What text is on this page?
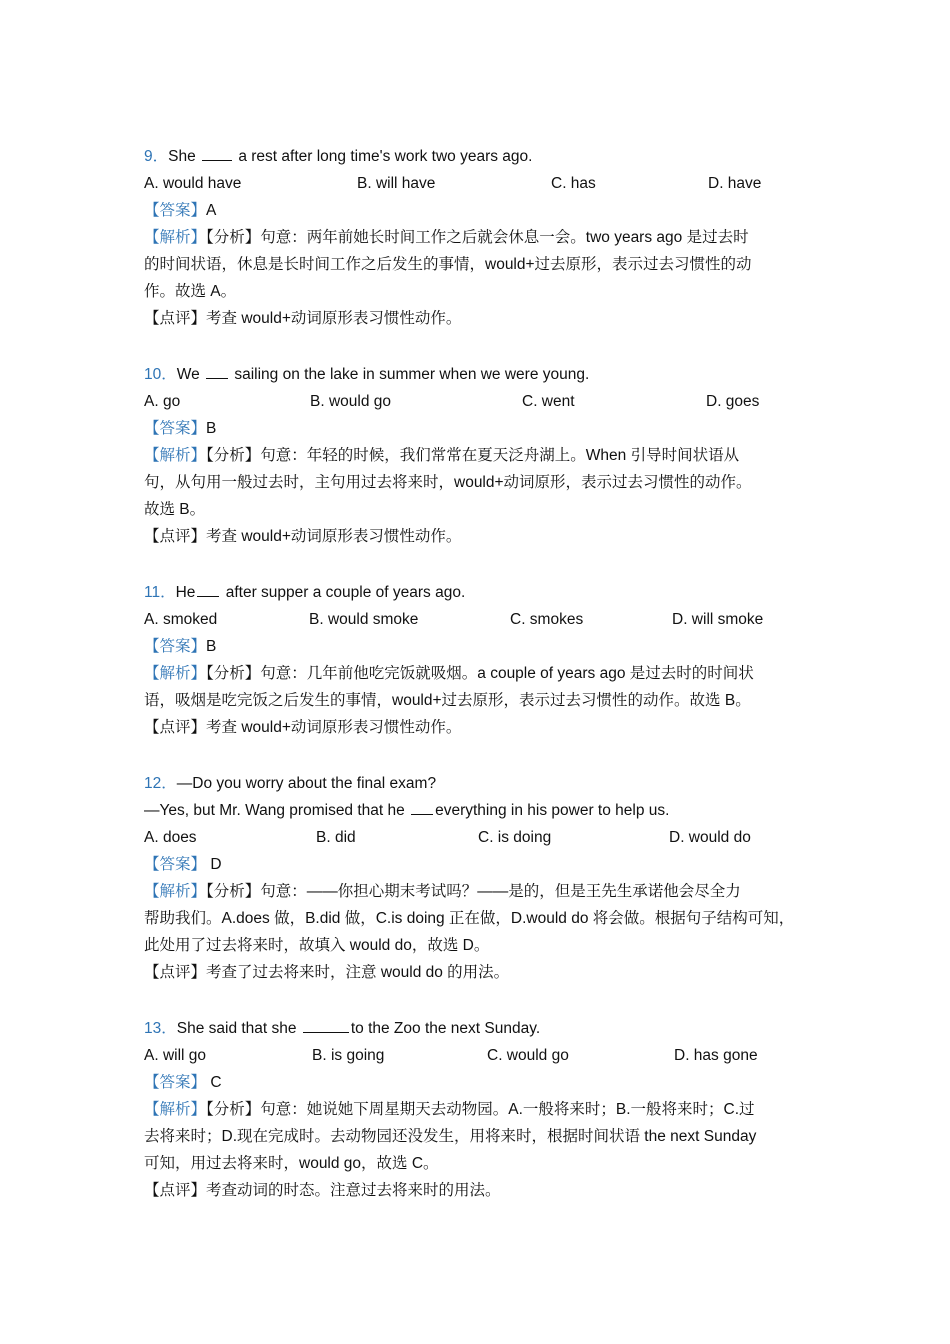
9．She  a rest after long time's work two years ago.
A. would have	B. will have	C. has	D. have
【答案】A
【解析】【分析】句意：两年前她长时间工作之后就会休息一会。two years ago 是过去时
的时间状语，休息是长时间工作之后发生的事情，would+过去原形，表示过去习惯性的动
作。故选 A。
【点评】考查 would+动词原形表习惯性动作。
10．We  sailing on the lake in summer when we were young.
A. go	B. would go	C. went	D. goes
【答案】B
【解析】【分析】句意：年轻的时候，我们常常在夏天泛舟湖上。When 引导时间状语从
句，从句用一般过去时，主句用过去将来时，would+动词原形，表示过去习惯性的动作。
故选 B。
【点评】考查 would+动词原形表习惯性动作。
11．He after supper a couple of years ago.
A. smoked	B. would smoke	C. smokes	D. will smoke
【答案】B
【解析】【分析】句意：几年前他吃完饭就吸烟。a couple of years ago 是过去时的时间状
语，吸烟是吃完饭之后发生的事情，would+过去原形，表示过去习惯性的动作。故选 B。
【点评】考查 would+动词原形表习惯性动作。
12．—Do you worry about the final exam?
—Yes, but Mr. Wang promised that he everything in his power to help us.
A. does	B. did	C. is doing	D. would do
【答案】 D
【解析】【分析】句意：——你担心期末考试吗？——是的，但是王先生承诺他会尽全力
帮助我们。A.does 做，B.did 做，C.is doing 正在做，D.would do 将会做。根据句子结构可知，
此处用了过去将来时，故填入 would do，故选 D。
【点评】考查了过去将来时，注意 would do 的用法。
13．She said that she	to the Zoo the next Sunday.
A. will go	B. is going	C. would go	D. has gone
【答案】 C
【解析】【分析】句意：她说她下周星期天去动物园。A.一般将来时；B.一般将来时；C.过
去将来时；D.现在完成时。去动物园还没发生，用将来时，根据时间状语 the next Sunday
可知，用过去将来时，would go，故选 C。
【点评】考查动词的时态。注意过去将来时的用法。
